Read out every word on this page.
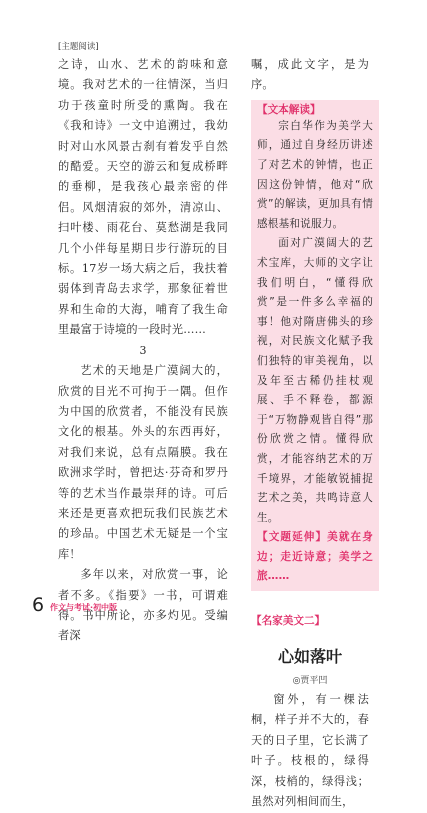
[主题阅读]

之诗，山水、艺术的韵味和意境。我对艺术的一往情深，当归功于孩童时所受的熏陶。我在《我和诗》一文中追溯过，我幼时对山水风景古刹有着发乎自然的酷爱。天空的游云和复成桥畔的垂柳，是我孩心最亲密的伴侣。风烟清寂的郊外，清凉山、扫叶楼、雨花台、莫愁湖是我同几个小伴每星期日步行游玩的目标。17岁一场大病之后，我扶着弱体到青岛去求学，那象征着世界和生命的大海，哺育了我生命里最富于诗境的一段时光……

3

艺术的天地是广漠阔大的，欣赏的目光不可拘于一隅。但作为中国的欣赏者，不能没有民族文化的根基。外头的东西再好，对我们来说，总有点隔膜。我在欧洲求学时，曾把达·芬奇和罗丹等的艺术当作最崇拜的诗。可后来还是更喜欢把玩我们民族艺术的珍品。中国艺术无疑是一个宝库！

多年以来，对欣赏一事，论者不多。《指要》一书，可谓难得。书中所论，亦多灼见。受编者深

嘱，成此文字，是为序。

【文本解读】

宗白华作为美学大师，通过自身经历讲述了对艺术的钟情，也正因这份钟情，他对“欣赏”的解读，更加具有情感根基和说服力。

面对广漠阔大的艺术宝库，大师的文字让我们明白，“懂得欣赏”是一件多么幸福的事！他对隋唐佛头的珍视，对民族文化赋予我们独特的审美视角，以及年至古稀仍挂杖观展、手不释卷，都源于“万物静观皆自得”那份欣赏之情。懂得欣赏，才能容纳艺术的万千境界，才能敏锐捕捉艺术之美，共鸣诗意人生。

【文题延伸】美就在身边；走近诗意；美学之旅……

【名家美文二】
心如落叶
◎贾平凹

窗外，有一棵法桐，样子并不大的，春天的日子里，它长满了叶子。枝根的，绿得深，枝梢的，绿得浅；虽然对列相间而生，

6 作文与考试·初中版
